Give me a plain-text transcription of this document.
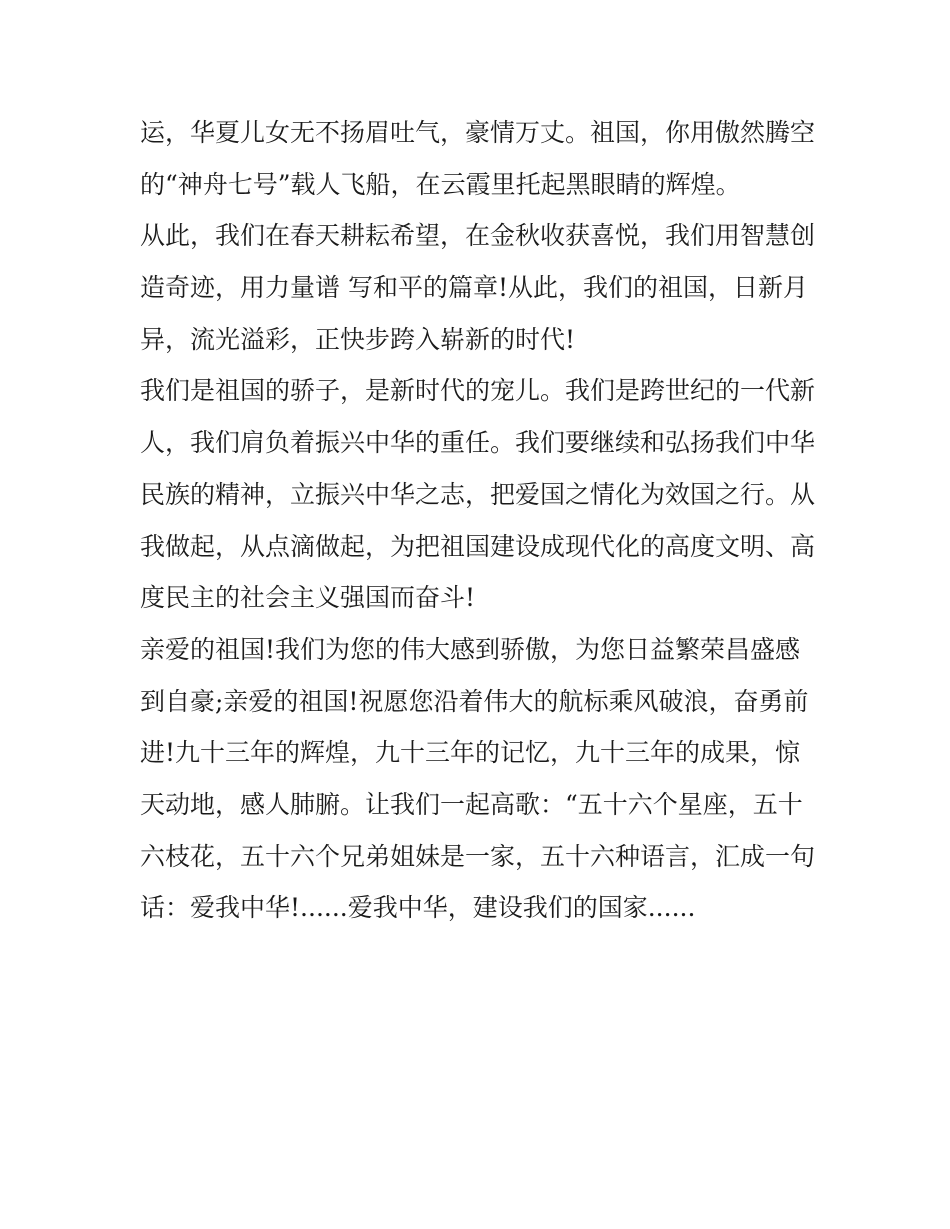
运，华夏儿女无不扬眉吐气，豪情万丈。祖国，你用傲然腾空
的“神舟七号”载人飞船，在云霞里托起黑眼睛的辉煌。
从此，我们在春天耕耘希望，在金秋收获喜悦，我们用智慧创
造奇迹，用力量谱 写和平的篇章!从此，我们的祖国，日新月
异，流光溢彩，正快步跨入崭新的时代!
我们是祖国的骄子，是新时代的宠儿。我们是跨世纪的一代新
人，我们肩负着振兴中华的重任。我们要继续和弘扬我们中华
民族的精神，立振兴中华之志，把爱国之情化为效国之行。从
我做起，从点滴做起，为把祖国建设成现代化的高度文明、高
度民主的社会主义强国而奋斗!
亲爱的祖国!我们为您的伟大感到骄傲，为您日益繁荣昌盛感
到自豪;亲爱的祖国!祝愿您沿着伟大的航标乘风破浪，奋勇前
进!九十三年的辉煌，九十三年的记忆，九十三年的成果，惊
天动地，感人肺腑。让我们一起高歌：“五十六个星座，五十
六枝花，五十六个兄弟姐妹是一家，五十六种语言，汇成一句
话：爱我中华!......爱我中华，建设我们的国家......
